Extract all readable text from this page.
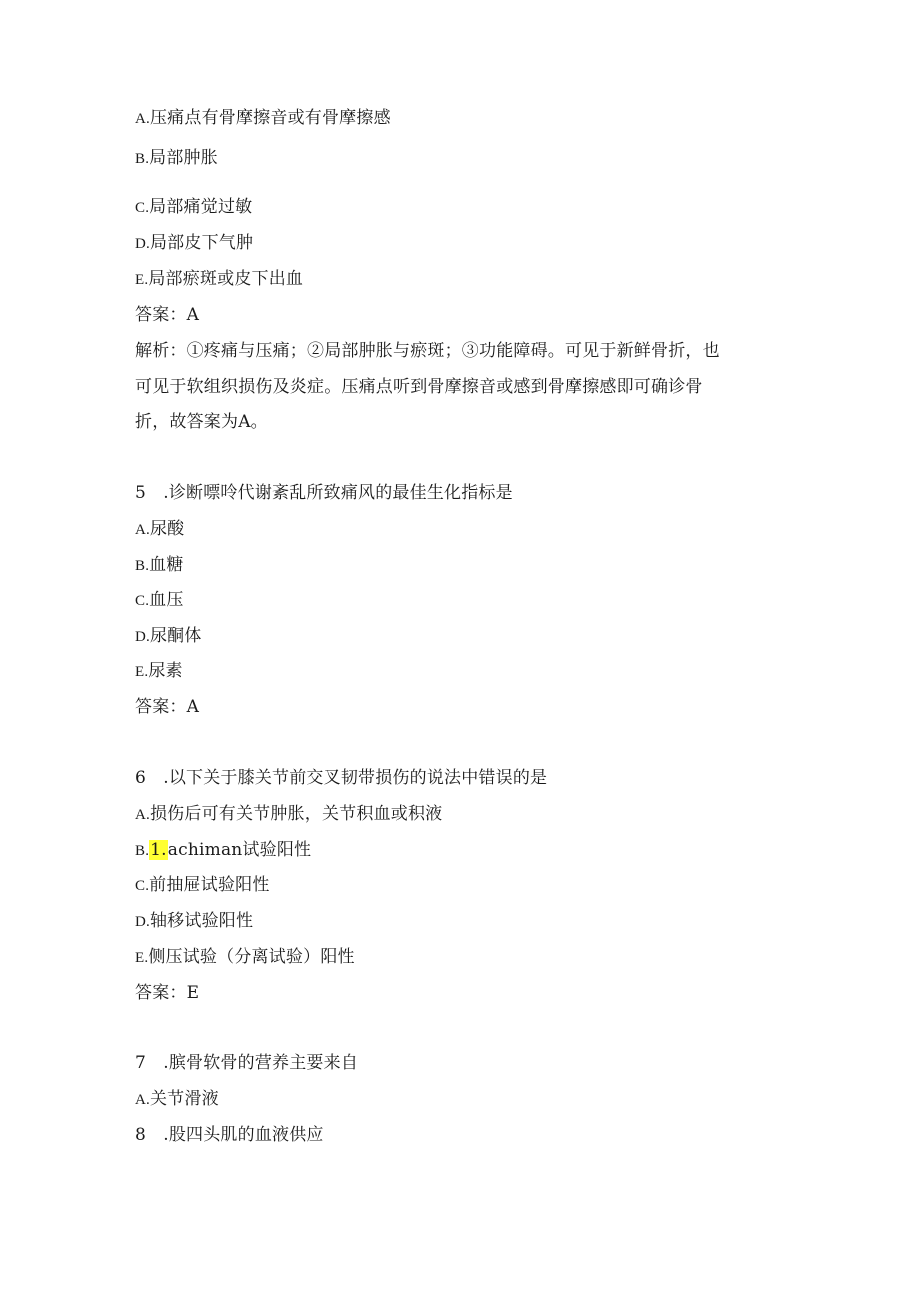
A.压痛点有骨摩擦音或有骨摩擦感
B.局部肿胀
C.局部痛觉过敏
D.局部皮下气肿
E.局部瘀斑或皮下出血
答案：A
解析：①疼痛与压痛；②局部肿胀与瘀斑；③功能障碍。可见于新鲜骨折，也
可见于软组织损伤及炎症。压痛点听到骨摩擦音或感到骨摩擦感即可确诊骨
折，故答案为A。
5　.诊断嘌呤代谢紊乱所致痛风的最佳生化指标是
A.尿酸
B.血糖
C.血压
D.尿酮体
E.尿素
答案：A
6　.以下关于膝关节前交叉韧带损伤的说法中错误的是
A.损伤后可有关节肿胀，关节积血或积液
B.1.achiman试验阳性
C.前抽屉试验阳性
D.轴移试验阳性
E.侧压试验（分离试验）阳性
答案：E
7　.膑骨软骨的营养主要来自
A.关节滑液
8　.股四头肌的血液供应
